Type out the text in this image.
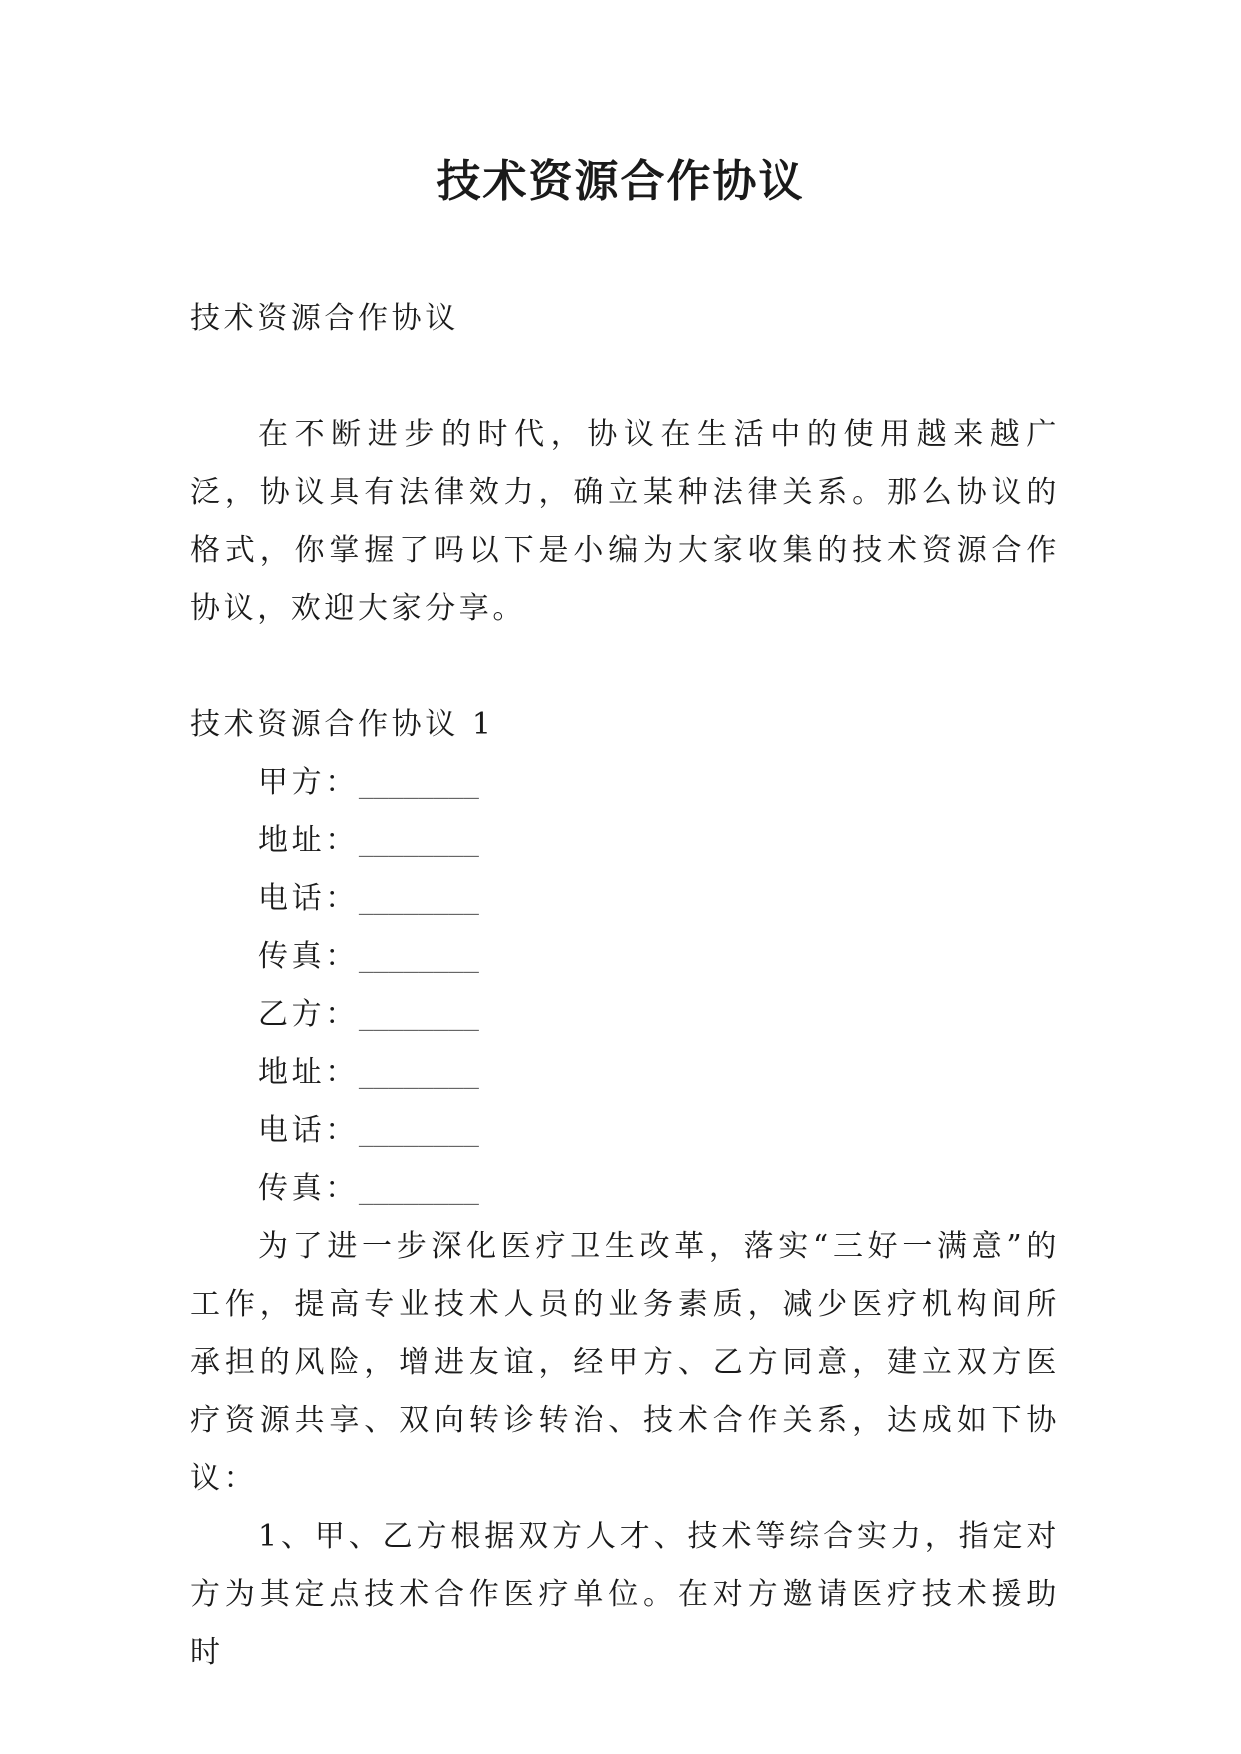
技术资源合作协议
技术资源合作协议
在不断进步的时代，协议在生活中的使用越来越广泛，协议具有法律效力，确立某种法律关系。那么协议的格式，你掌握了吗以下是小编为大家收集的技术资源合作协议，欢迎大家分享。
技术资源合作协议 1
甲方：________
地址：________
电话：________
传真：________
乙方：________
地址：________
电话：________
传真：________
为了进一步深化医疗卫生改革，落实“三好一满意”的工作，提高专业技术人员的业务素质，减少医疗机构间所承担的风险，增进友谊，经甲方、乙方同意，建立双方医疗资源共享、双向转诊转治、技术合作关系，达成如下协议：
1、甲、乙方根据双方人才、技术等综合实力，指定对方为其定点技术合作医疗单位。在对方邀请医疗技术援助时
